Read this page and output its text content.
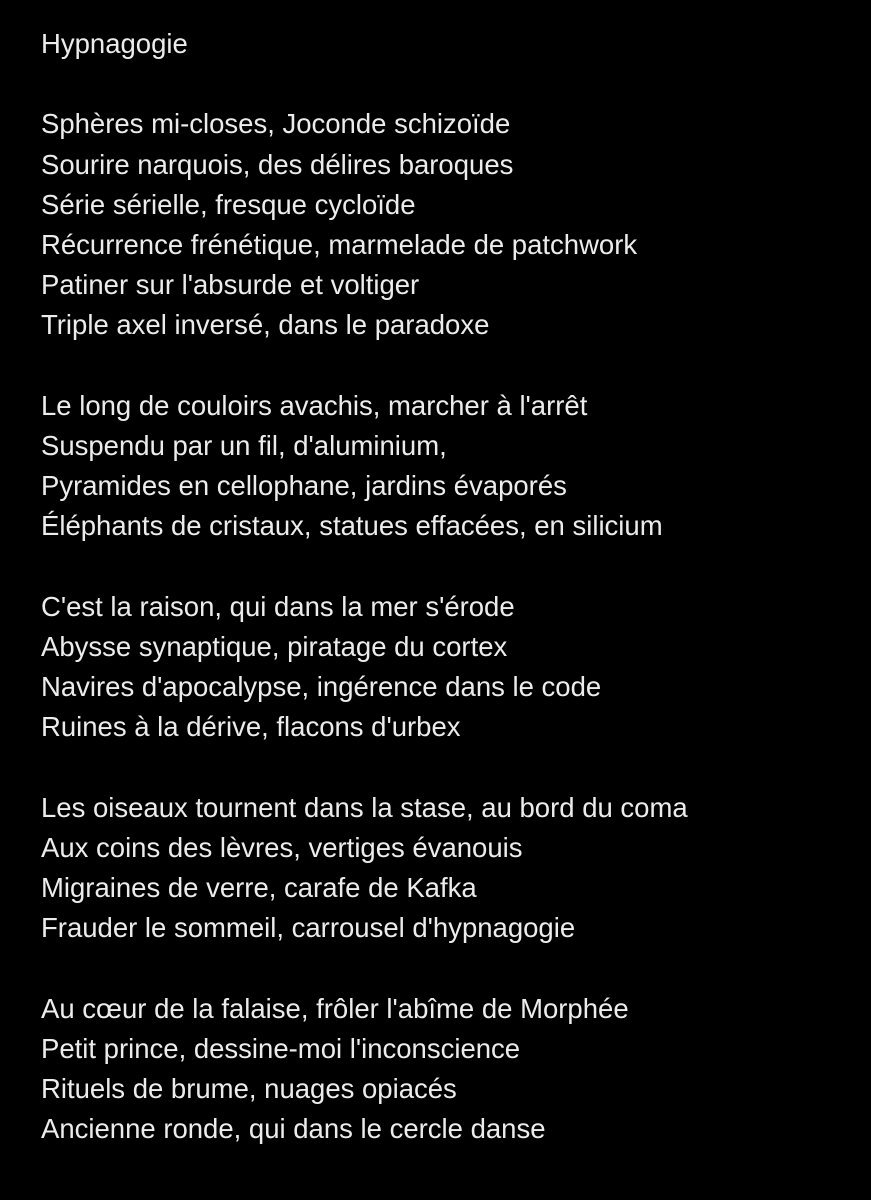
Hypnagogie
Sphères mi-closes, Joconde schizoïde
Sourire narquois, des délires baroques
Série sérielle, fresque cycloïde
Récurrence frénétique, marmelade de patchwork
Patiner sur l'absurde et voltiger
Triple axel inversé, dans le paradoxe
Le long de couloirs avachis, marcher à l'arrêt
Suspendu par un fil, d'aluminium,
Pyramides en cellophane, jardins évaporés
Éléphants de cristaux, statues effacées, en silicium
C'est la raison, qui dans la mer s'érode
Abysse synaptique, piratage du cortex
Navires d'apocalypse, ingérence dans le code
Ruines à la dérive, flacons d'urbex
Les oiseaux tournent dans la stase, au bord du coma
Aux coins des lèvres, vertiges évanouis
Migraines de verre, carafe de Kafka
Frauder le sommeil, carrousel d'hypnagogie
Au cœur de la falaise, frôler l'abîme de Morphée
Petit prince, dessine-moi l'inconscience
Rituels de brume, nuages opiacés
Ancienne ronde, qui dans le cercle danse
